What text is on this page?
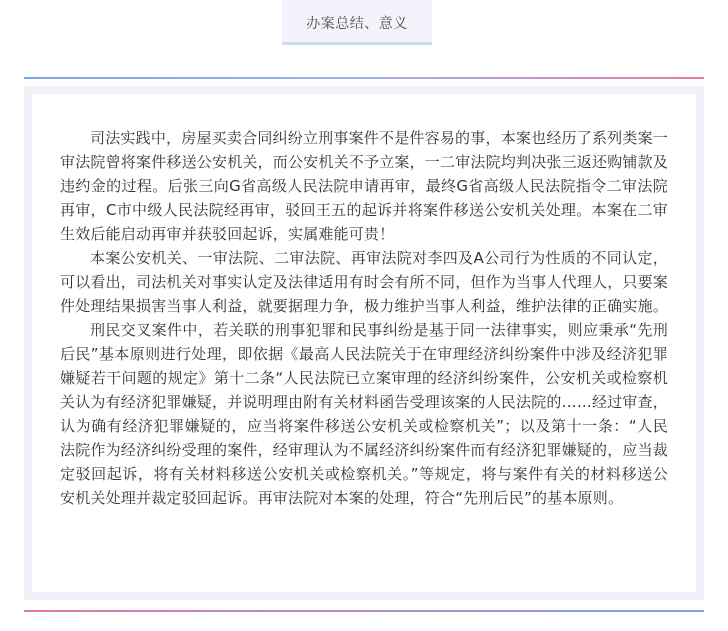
办案总结、意义

司法实践中，房屋买卖合同纠纷立刑事案件不是件容易的事，本案也经历了系列类案一审法院曾将案件移送公安机关，而公安机关不予立案，一二审法院均判决张三返还购铺款及违约金的过程。后张三向G省高级人民法院申请再审，最终G省高级人民法院指令二审法院再审，C市中级人民法院经再审，驳回王五的起诉并将案件移送公安机关处理。本案在二审生效后能启动再审并获驳回起诉，实属难能可贵！

本案公安机关、一审法院、二审法院、再审法院对李四及A公司行为性质的不同认定，可以看出，司法机关对事实认定及法律适用有时会有所不同，但作为当事人代理人，只要案件处理结果损害当事人利益，就要据理力争，极力维护当事人利益，维护法律的正确实施。

刑民交叉案件中，若关联的刑事犯罪和民事纠纷是基于同一法律事实，则应秉承“先刑后民”基本原则进行处理，即依据《最高人民法院关于在审理经济纠纷案件中涉及经济犯罪嫌疑若干问题的规定》第十二条“人民法院已立案审理的经济纠纷案件，公安机关或检察机关认为有经济犯罪嫌疑，并说明理由附有关材料函告受理该案的人民法院的……经过审查，认为确有经济犯罪嫌疑的，应当将案件移送公安机关或检察机关”；以及第十一条：“人民法院作为经济纠纷受理的案件，经审理认为不属经济纠纷案件而有经济犯罪嫌疑的，应当裁定驳回起诉，将有关材料移送公安机关或检察机关。”等规定，将与案件有关的材料移送公安机关处理并裁定驳回起诉。再审法院对本案的处理，符合“先刑后民”的基本原则。
